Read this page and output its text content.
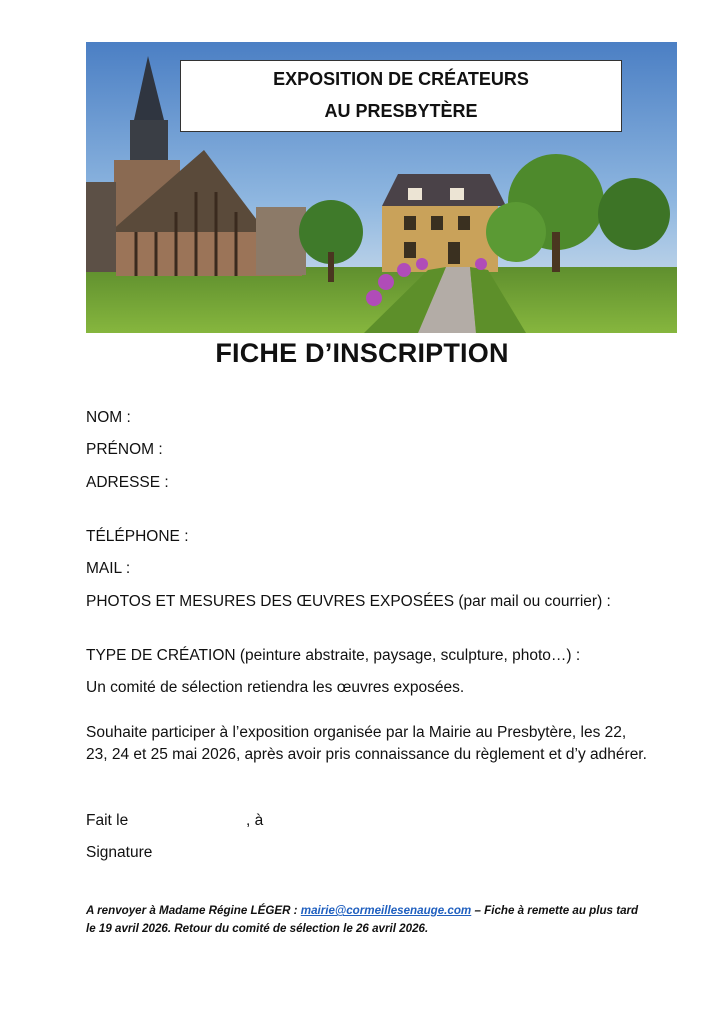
EXPOSITION DE CRÉATEURS
AU PRESBYTÈRE
FICHE D’INSCRIPTION
NOM :
PRÉNOM :
ADRESSE :
TÉLÉPHONE :
MAIL :
PHOTOS ET MESURES DES ŒUVRES EXPOSÉES (par mail ou courrier) :
TYPE DE CRÉATION (peinture abstraite, paysage, sculpture, photo…) :
Un comité de sélection retiendra les œuvres exposées.
Souhaite participer à l’exposition organisée par la Mairie au Presbytère, les 22,
23, 24 et 25 mai 2026, après avoir pris connaissance du règlement et d’y adhérer.
Fait le	, à
Signature
A renvoyer à Madame Régine LÉGER : mairie@cormeillesenauge.com – Fiche à remette au plus tard
le 19 avril 2026. Retour du comité de sélection le 26 avril 2026.
